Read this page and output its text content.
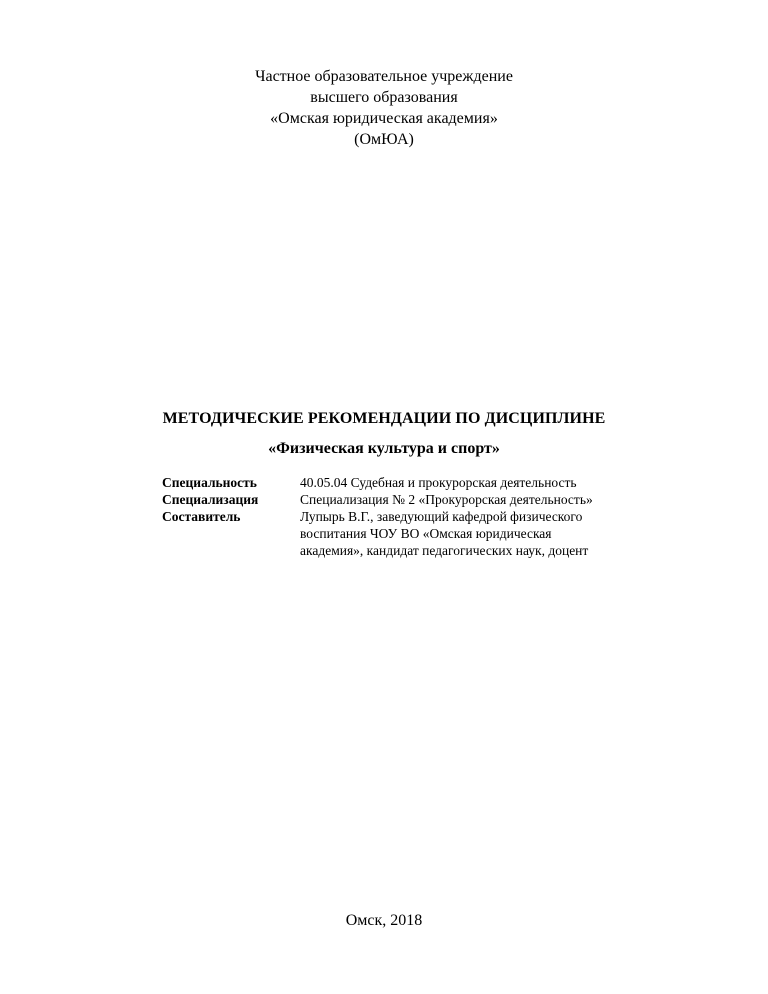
Частное образовательное учреждение
высшего образования
«Омская юридическая академия»
(ОмЮА)
МЕТОДИЧЕСКИЕ РЕКОМЕНДАЦИИ ПО ДИСЦИПЛИНЕ
«Физическая культура и спорт»
Специальность	40.05.04 Судебная и прокурорская деятельность
Специализация	Специализация № 2 «Прокурорская деятельность»
Составитель	Лупырь В.Г., заведующий кафедрой физического
воспитания ЧОУ ВО «Омская юридическая
академия», кандидат педагогических наук, доцент
Омск, 2018
